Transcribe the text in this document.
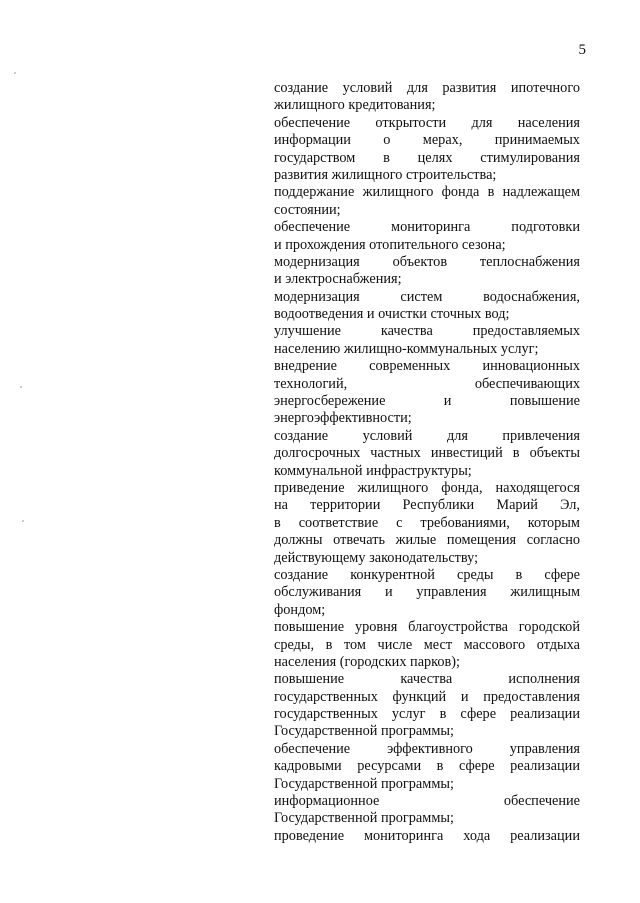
5
создание условий для развития ипотечного
жилищного кредитования;
обеспечение открытости для населения
информации о мерах, принимаемых
государством в целях стимулирования
развития жилищного строительства;
поддержание жилищного фонда в надлежащем
состоянии;
обеспечение	мониторинга	подготовки
и прохождения отопительного сезона;
модернизация объектов теплоснабжения
и электроснабжения;
модернизация	систем	водоснабжения,
водоотведения и очистки сточных вод;
улучшение	качества	предоставляемых
населению жилищно-коммунальных услуг;
внедрение современных инновационных
технологий,	обеспечивающих
энергосбережение	и	повышение
энергоэффективности;
создание условий для привлечения
долгосрочных частных инвестиций в объекты
коммунальной инфраструктуры;
приведение жилищного фонда, находящегося
на территории Республики Марий Эл,
в соответствие с требованиями, которым
должны отвечать жилые помещения согласно
действующему законодательству;
создание конкурентной среды в сфере
обслуживания и управления жилищным
фондом;
повышение уровня благоустройства городской
среды, в том числе мест массового отдыха
населения (городских парков);
повышение	качества	исполнения
государственных функций и предоставления
государственных услуг в сфере реализации
Государственной программы;
обеспечение	эффективного	управления
кадровыми ресурсами в сфере реализации
Государственной программы;
информационное	обеспечение
Государственной программы;
проведение мониторинга хода реализации
